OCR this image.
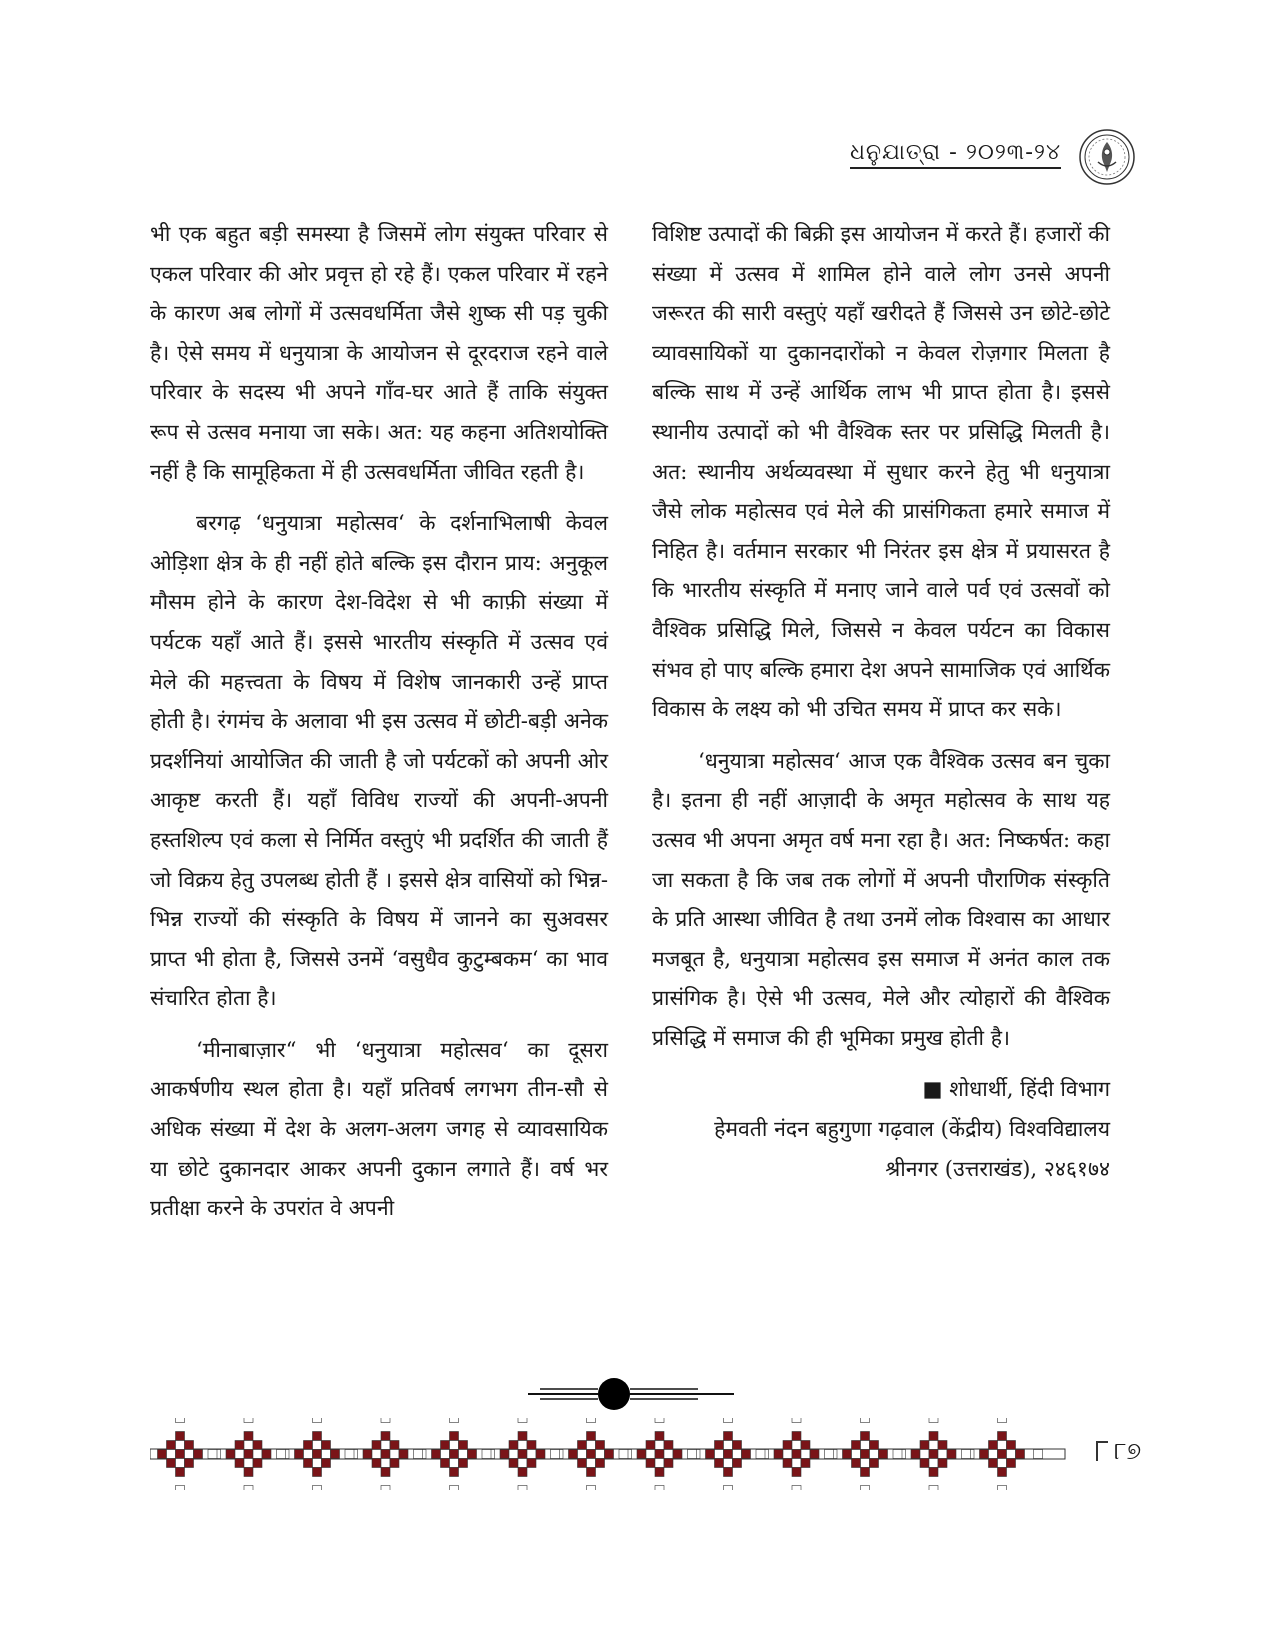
ଧନୁଯାତ୍ରା - ୨୦୨୩-୨୪

भी एक बहुत बड़ी समस्या है जिसमें लोग संयुक्त परिवार से एकल परिवार की ओर प्रवृत्त हो रहे हैं। एकल परिवार में रहने के कारण अब लोगों में उत्सवधर्मिता जैसे शुष्क सी पड़ चुकी है। ऐसे समय में धनुयात्रा के आयोजन से दूरदराज रहने वाले परिवार के सदस्य भी अपने गाँव-घर आते हैं ताकि संयुक्त रूप से उत्सव मनाया जा सके। अत: यह कहना अतिशयोक्ति नहीं है कि सामूहिकता में ही उत्सवधर्मिता जीवित रहती है।

बरगढ़ ‘धनुयात्रा महोत्सव‘ के दर्शनाभिलाषी केवल ओड़िशा क्षेत्र के ही नहीं होते बल्कि इस दौरान प्राय: अनुकूल मौसम होने के कारण देश-विदेश से भी काफ़ी संख्या में पर्यटक यहाँ आते हैं। इससे भारतीय संस्कृति में उत्सव एवं मेले की महत्त्वता के विषय में विशेष जानकारी उन्हें प्राप्त होती है। रंगमंच के अलावा भी इस उत्सव में छोटी-बड़ी अनेक प्रदर्शनियां आयोजित की जाती है जो पर्यटकों को अपनी ओर आकृष्ट करती हैं। यहाँ विविध राज्यों की अपनी-अपनी हस्तशिल्प एवं कला से निर्मित वस्तुएं भी प्रदर्शित की जाती हैं जो विक्रय हेतु उपलब्ध होती हैं । इससे क्षेत्र वासियों को भिन्न-भिन्न राज्यों की संस्कृति के विषय में जानने का सुअवसर प्राप्त भी होता है, जिससे उनमें ‘वसुधैव कुटुम्बकम‘ का भाव संचारित होता है।

‘मीनाबाज़ार“ भी ‘धनुयात्रा महोत्सव‘ का दूसरा आकर्षणीय स्थल होता है। यहाँ प्रतिवर्ष लगभग तीन-सौ से अधिक संख्या में देश के अलग-अलग जगह से व्यावसायिक या छोटे दुकानदार आकर अपनी दुकान लगाते हैं। वर्ष भर प्रतीक्षा करने के उपरांत वे अपनी

विशिष्ट उत्पादों की बिक्री इस आयोजन में करते हैं। हजारों की संख्या में उत्सव में शामिल होने वाले लोग उनसे अपनी जरूरत की सारी वस्तुएं यहाँ खरीदते हैं जिससे उन छोटे-छोटे व्यावसायिकों या दुकानदारोंको न केवल रोज़गार मिलता है बल्कि साथ में उन्हें आर्थिक लाभ भी प्राप्त होता है। इससे स्थानीय उत्पादों को भी वैश्विक स्तर पर प्रसिद्धि मिलती है। अत: स्थानीय अर्थव्यवस्था में सुधार करने हेतु भी धनुयात्रा जैसे लोक महोत्सव एवं मेले की प्रासंगिकता हमारे समाज में निहित है। वर्तमान सरकार भी निरंतर इस क्षेत्र में प्रयासरत है कि भारतीय संस्कृति में मनाए जाने वाले पर्व एवं उत्सवों को वैश्विक प्रसिद्धि मिले, जिससे न केवल पर्यटन का विकास संभव हो पाए बल्कि हमारा देश अपने सामाजिक एवं आर्थिक विकास के लक्ष्य को भी उचित समय में प्राप्त कर सके।

‘धनुयात्रा महोत्सव‘ आज एक वैश्विक उत्सव बन चुका है। इतना ही नहीं आज़ादी के अमृत महोत्सव के साथ यह उत्सव भी अपना अमृत वर्ष मना रहा है। अत: निष्कर्षत: कहा जा सकता है कि जब तक लोगों में अपनी पौराणिक संस्कृति के प्रति आस्था जीवित है तथा उनमें लोक विश्वास का आधार मजबूत है, धनुयात्रा महोत्सव इस समाज में अनंत काल तक प्रासंगिक है। ऐसे भी उत्सव, मेले और त्योहारों की वैश्विक प्रसिद्धि में समाज की ही भूमिका प्रमुख होती है।

■ शोधार्थी, हिंदी विभाग
हेमवती नंदन बहुगुणा गढ़वाल (केंद्रीय) विश्वविद्यालय
श्रीनगर (उत्तराखंड), २४६१७४
୮୭
